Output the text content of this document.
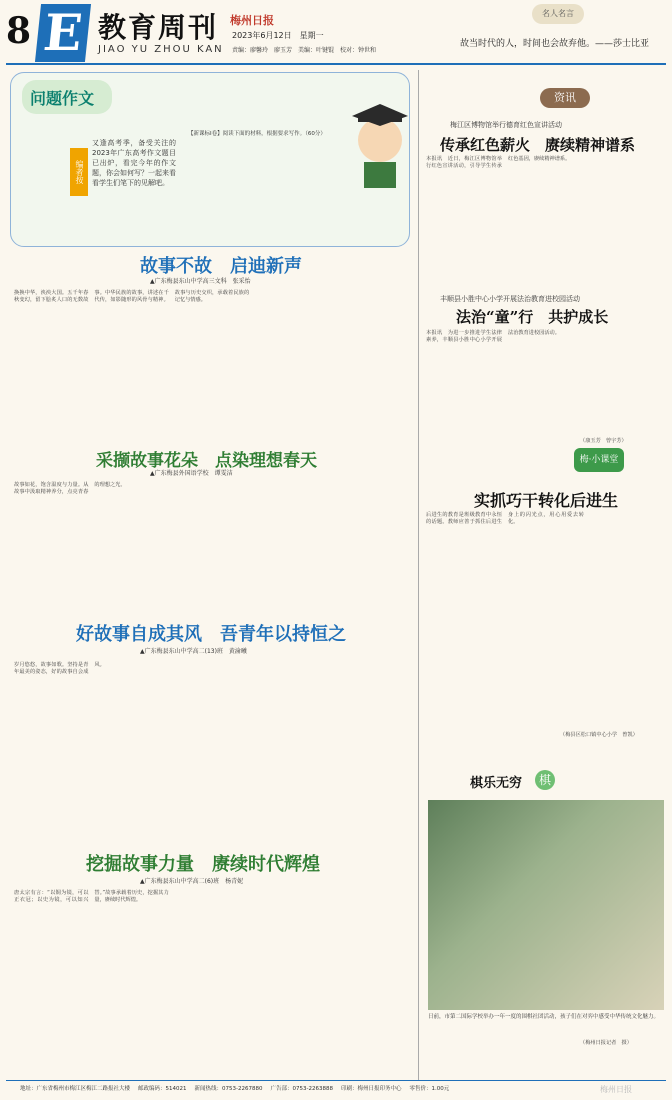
8 E 教育周刊
JIAO YU ZHOU KAN
梅州日报
2023年6月12日　星期一
责编：廖馨玲　廖玉芳　美编：叶键锟　校对：钟世和
名人名言
故当时代的人，时间也会故弃他。——莎士比亚
问题作文
编者按
又逢高考季，备受关注的2023年广东高考作文题目已出炉，看完今年的作文题，你会如何写？一起来看看学生们笔下的见解吧。
【新课标Ⅰ卷】阅读下面的材料，根据要求写作。（60分）
故事不故　启迪新声
▲广东梅县东山中学高三文科　张采怡
换换中华，泱泱大国。五千年春秋变幻，留下脍炙人口的无数故事。中华民族的故事，讲述在千代传，如影随形的风骨与精神。故事与历史交织，承载着民族的记忆与情感。
采撷故事花朵　点染理想春天
▲广东梅县外国语学校　谭雯洁
故事如花，饱含温度与力量。从故事中汲取精神养分，点亮青春的理想之光。
好故事自成其风　吾青年以持恒之
▲广东梅县东山中学高二(13)班　黄渝曦
岁月悠悠，故事如歌。坚持是青年最美的姿态，好的故事自会成风。
挖掘故事力量　赓续时代辉煌
▲广东梅县东山中学高二(6)班　杨青妮
唐太宗有言：“以铜为镜，可以正衣冠；以史为镜，可以知兴替。”故事承载着历史，挖掘其力量，赓续时代辉煌。
资讯
梅江区博物馆举行德育红色宣讲活动
传承红色薪火　赓续精神谱系
本报讯　近日，梅江区博物馆举行红色宣讲活动，引导学生传承红色基因，赓续精神谱系。
丰顺县小胜中心小学开展法治教育进校园活动
法治“童”行　共护成长
本报讯　为进一步推进学生法律素养，丰顺县小胜中心小学开展法治教育进校园活动。
（康玉芳　曾宇芳）
梅·小课堂
实抓巧干转化后进生
后进生的教育是班级教育中永恒的话题。教师应善于抓住后进生身上的闪光点，用心用爱去转化。
（梅县区松口镇中心小学　曾凯）
棋
棋乐无穷
日前，市第二国际学校举办一年一度的围棋社团活动，孩子们在对弈中感受中华传统文化魅力。
（梅州日报记者　摄）
地址：广东省梅州市梅江区梅江二路报社大楼 邮政编码：514021 新闻热线：0753-2267880 广告部：0753-2263888 印刷：梅州日报印务中心 零售价：1.00元	梅州日报
